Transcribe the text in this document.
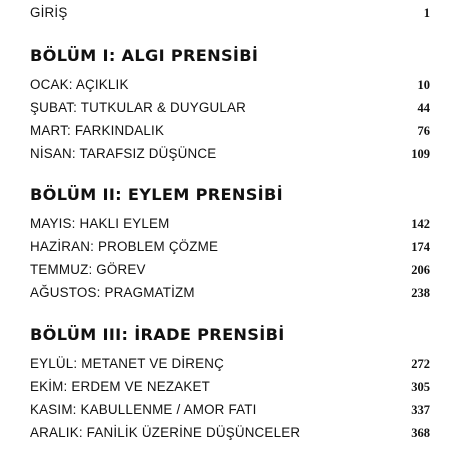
GİRİŞ	1
BÖLÜM I: ALGI PRENSİBİ
OCAK: AÇIKLIK	10
ŞUBAT: TUTKULAR & DUYGULAR	44
MART: FARKINDALIK	76
NİSAN: TARAFSIZ DÜŞÜNCE	109
BÖLÜM II: EYLEM PRENSİBİ
MAYIS: HAKLI EYLEM	142
HAZİRAN: PROBLEM ÇÖZME	174
TEMMUZ: GÖREV	206
AĞUSTOS: PRAGMATİZM	238
BÖLÜM III: İRADE PRENSİBİ
EYLÜL: METANET VE DİRENÇ	272
EKİM: ERDEM VE NEZAKET	305
KASIM: KABULLENME / AMOR FATI	337
ARALIK: FANİLİK ÜZERİNE DÜŞÜNCELER	368
